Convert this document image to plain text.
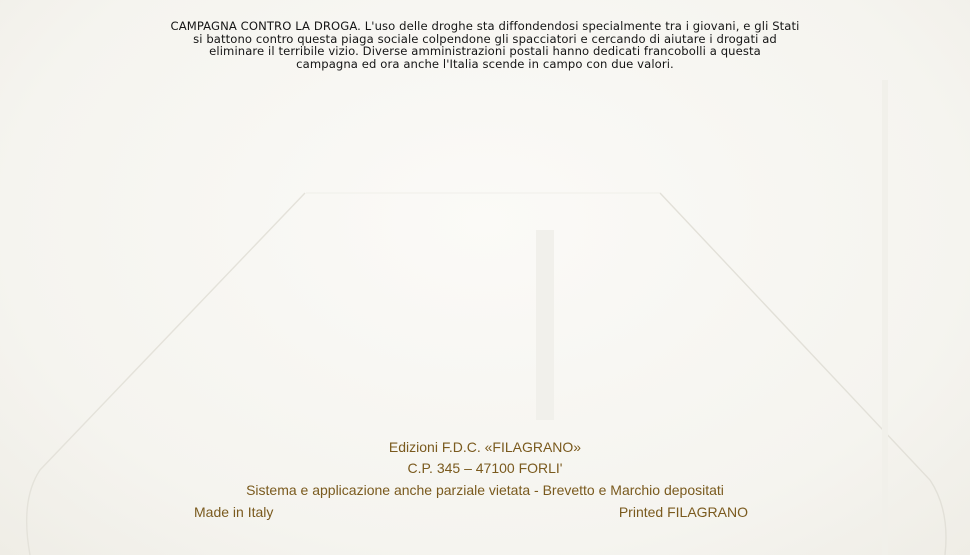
CAMPAGNA CONTRO LA DROGA. L'uso delle droghe sta diffondendosi specialmente tra i giovani, e gli Stati
si battono contro questa piaga sociale colpendone gli spacciatori e cercando di aiutare i drogati ad
eliminare il terribile vizio. Diverse amministrazioni postali hanno dedicati francobolli a questa
campagna ed ora anche l'Italia scende in campo con due valori.
Edizioni F.D.C. «FILAGRANO»
C.P. 345 – 47100 FORLI'
Sistema e applicazione anche parziale vietata - Brevetto e Marchio depositati
Made in Italy	Printed FILAGRANO
